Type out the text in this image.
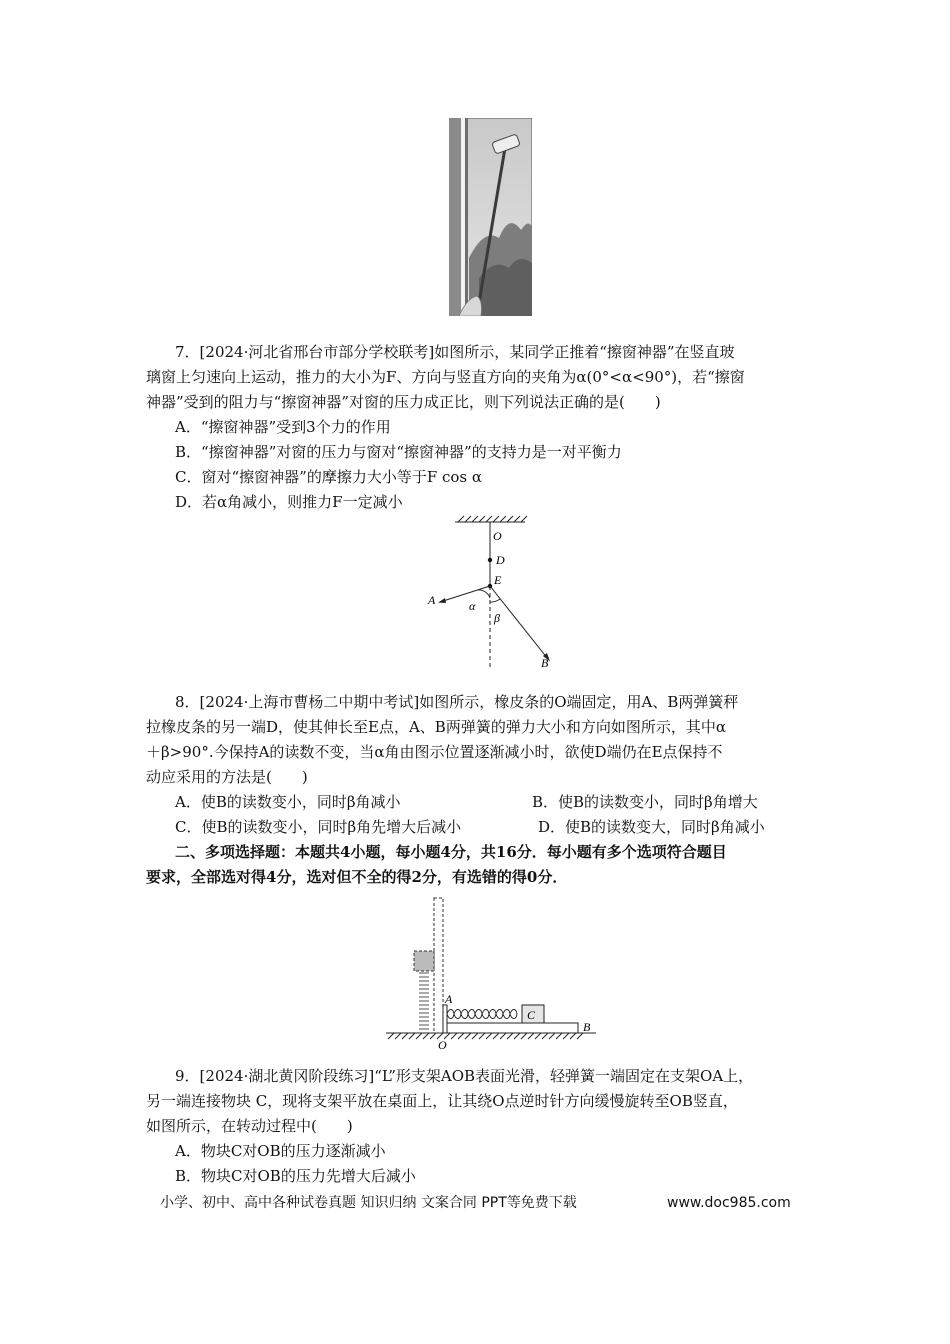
7．[2024·河北省邢台市部分学校联考]如图所示，某同学正推着“擦窗神器”在竖直玻
璃窗上匀速向上运动，推力的大小为F、方向与竖直方向的夹角为α(0°<α<90°)，若“擦窗
神器”受到的阻力与“擦窗神器”对窗的压力成正比，则下列说法正确的是(　　)
A．“擦窗神器”受到3个力的作用
B．“擦窗神器”对窗的压力与窗对“擦窗神器”的支持力是一对平衡力
C．窗对“擦窗神器”的摩擦力大小等于F cos α
D．若α角减小，则推力F一定减小
O
D
E
A	α
β
B
8．[2024·上海市曹杨二中期中考试]如图所示，橡皮条的O端固定，用A、B两弹簧秤
拉橡皮条的另一端D，使其伸长至E点，A、B两弹簧的弹力大小和方向如图所示，其中α
＋β>90°.今保持A的读数不变，当α角由图示位置逐渐减小时，欲使D端仍在E点保持不
动应采用的方法是(　　)
A．使B的读数变小，同时β角减小	B．使B的读数变小，同时β角增大
C．使B的读数变小，同时β角先增大后减小	D．使B的读数变大，同时β角减小
二、多项选择题：本题共4小题，每小题4分，共16分．每小题有多个选项符合题目
要求，全部选对得4分，选对但不全的得2分，有选错的得0分．
A
C
B
O
9．[2024·湖北黄冈阶段练习]“L”形支架AOB表面光滑，轻弹簧一端固定在支架OA上，
另一端连接物块 C，现将支架平放在桌面上，让其绕O点逆时针方向缓慢旋转至OB竖直，
如图所示，在转动过程中(　　)
A．物块C对OB的压力逐渐减小
B．物块C对OB的压力先增大后减小
小学、初中、高中各种试卷真题 知识归纳 文案合同 PPT等免费下载	www.doc985.com
